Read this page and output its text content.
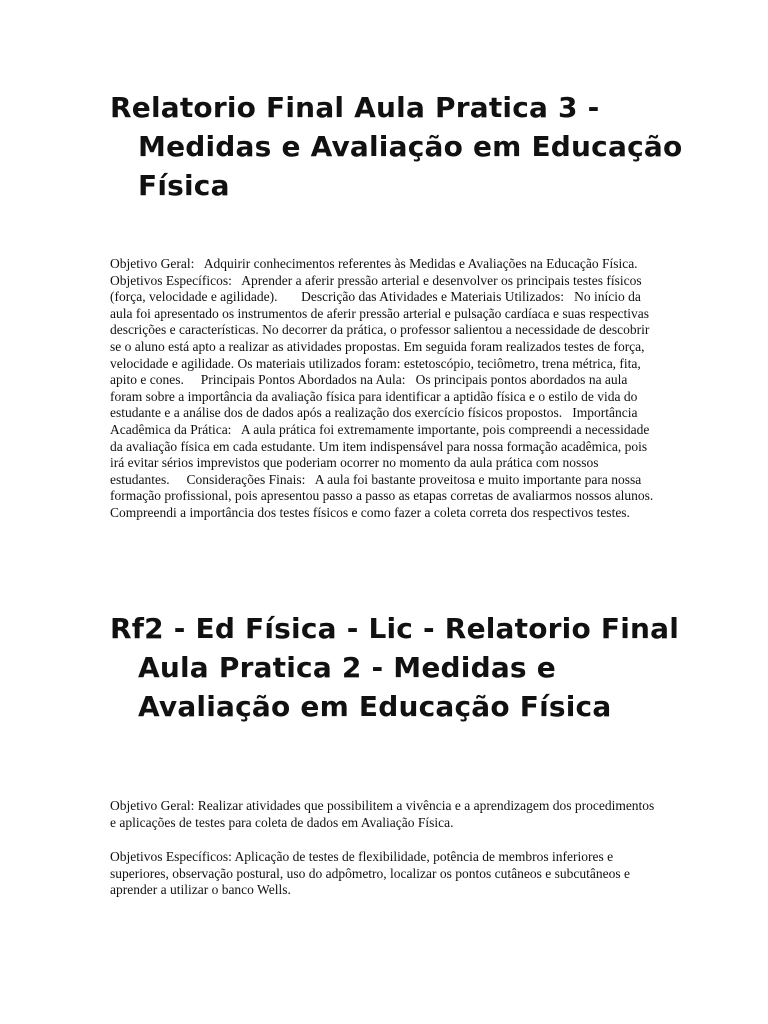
Relatorio Final Aula Pratica 3 - Medidas e Avaliação em Educação Física

Objetivo Geral:   Adquirir conhecimentos referentes às Medidas e Avaliações na Educação Física.       Objetivos Específicos:   Aprender a aferir pressão arterial e desenvolver os principais testes físicos (força, velocidade e agilidade).       Descrição das Atividades e Materiais Utilizados:   No início da aula foi apresentado os instrumentos de aferir pressão arterial e pulsação cardíaca e suas respectivas descrições e características. No decorrer da prática, o professor salientou a necessidade de descobrir se o aluno está apto a realizar as atividades propostas. Em seguida foram realizados testes de força, velocidade e agilidade. Os materiais utilizados foram: estetoscópio, teciômetro, trena métrica, fita, apito e cones.     Principais Pontos Abordados na Aula:   Os principais pontos abordados na aula foram sobre a importância da avaliação física para identificar a aptidão física e o estilo de vida do estudante e a análise dos de dados após a realização dos exercício físicos propostos.   Importância Acadêmica da Prática:   A aula prática foi extremamente importante, pois compreendi a necessidade da avaliação física em cada estudante. Um item indispensável para nossa formação acadêmica, pois irá evitar sérios imprevistos que poderiam ocorrer no momento da aula prática com nossos estudantes.     Considerações Finais:   A aula foi bastante proveitosa e muito importante para nossa formação profissional, pois apresentou passo a passo as etapas corretas de avaliarmos nossos alunos. Compreendi a importância dos testes físicos e como fazer a coleta correta dos respectivos testes.

Rf2 - Ed Física - Lic - Relatorio Final Aula Pratica 2 - Medidas e Avaliação em Educação Física

Objetivo Geral: Realizar atividades que possibilitem a vivência e a aprendizagem dos procedimentos e aplicações de testes para coleta de dados em Avaliação Física.

Objetivos Específicos: Aplicação de testes de flexibilidade, potência de membros inferiores e superiores, observação postural, uso do adpômetro, localizar os pontos cutâneos e subcutâneos e aprender a utilizar o banco Wells.
